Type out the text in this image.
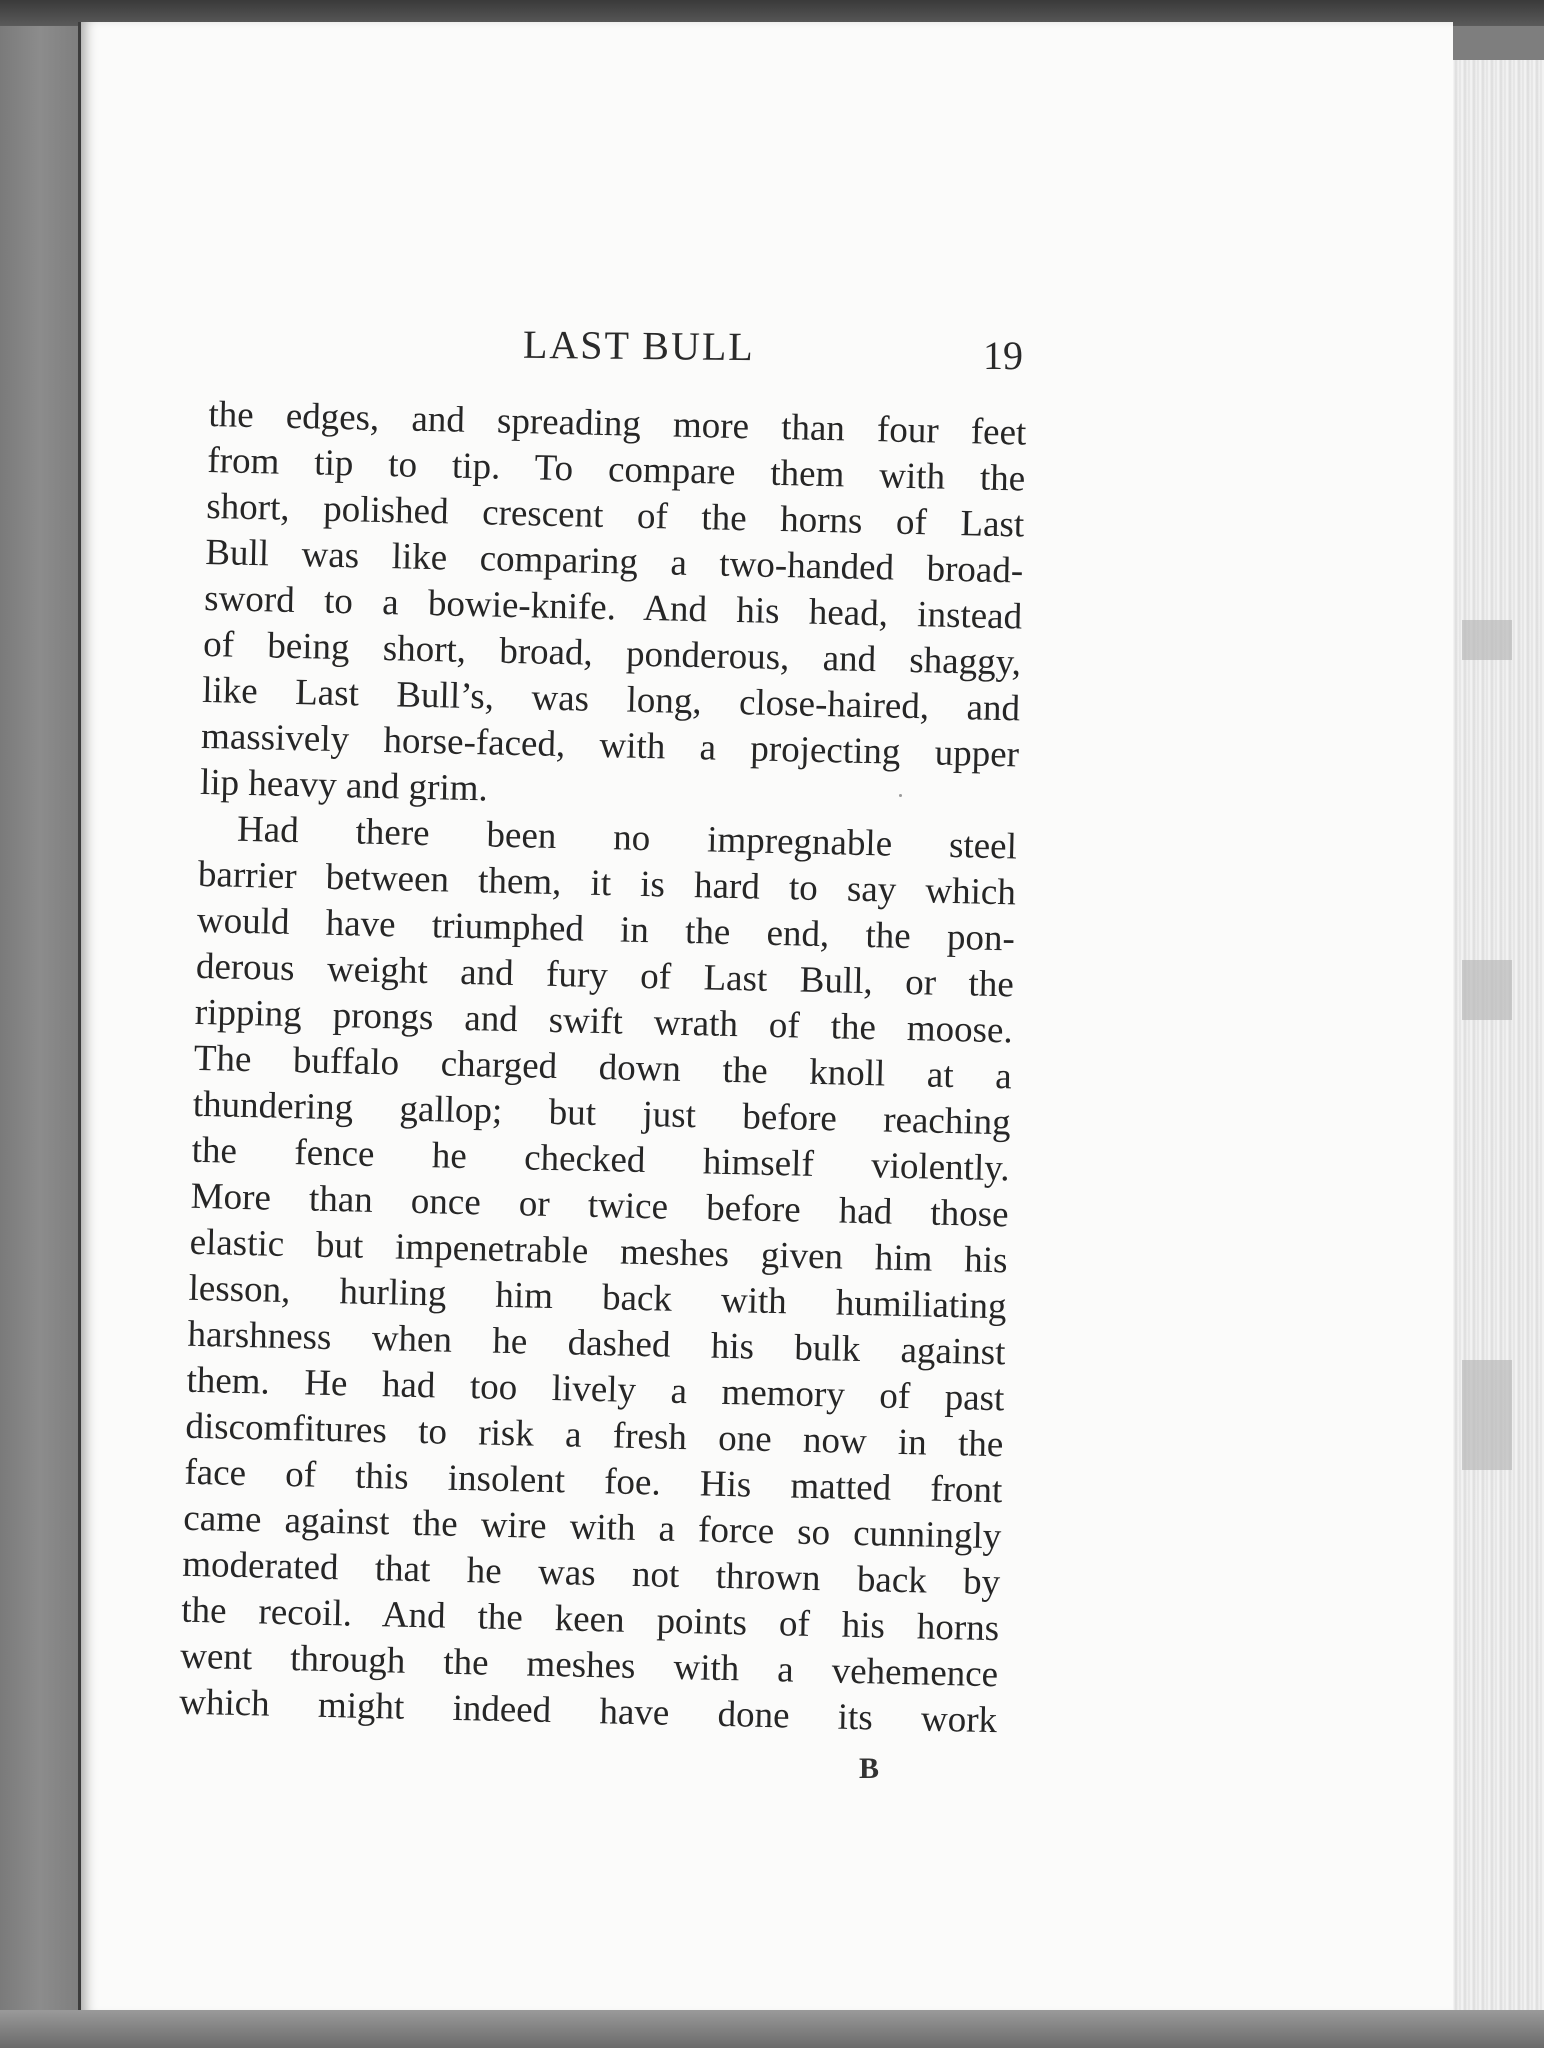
LAST BULL	19
the edges, and spreading more than four feet
from tip to tip. To compare them with the
short, polished crescent of the horns of Last
Bull was like comparing a two-handed broad-
sword to a bowie-knife. And his head, instead
of being short, broad, ponderous, and shaggy,
like Last Bull’s, was long, close-haired, and
massively horse-faced, with a projecting upper
lip heavy and grim.
Had there been no impregnable steel
barrier between them, it is hard to say which
would have triumphed in the end, the pon-
derous weight and fury of Last Bull, or the
ripping prongs and swift wrath of the moose.
The buffalo charged down the knoll at a
thundering gallop; but just before reaching
the fence he checked himself violently.
More than once or twice before had those
elastic but impenetrable meshes given him his
lesson, hurling him back with humiliating
harshness when he dashed his bulk against
them. He had too lively a memory of past
discomfitures to risk a fresh one now in the
face of this insolent foe. His matted front
came against the wire with a force so cunningly
moderated that he was not thrown back by
the recoil. And the keen points of his horns
went through the meshes with a vehemence
which might indeed have done its work
B
